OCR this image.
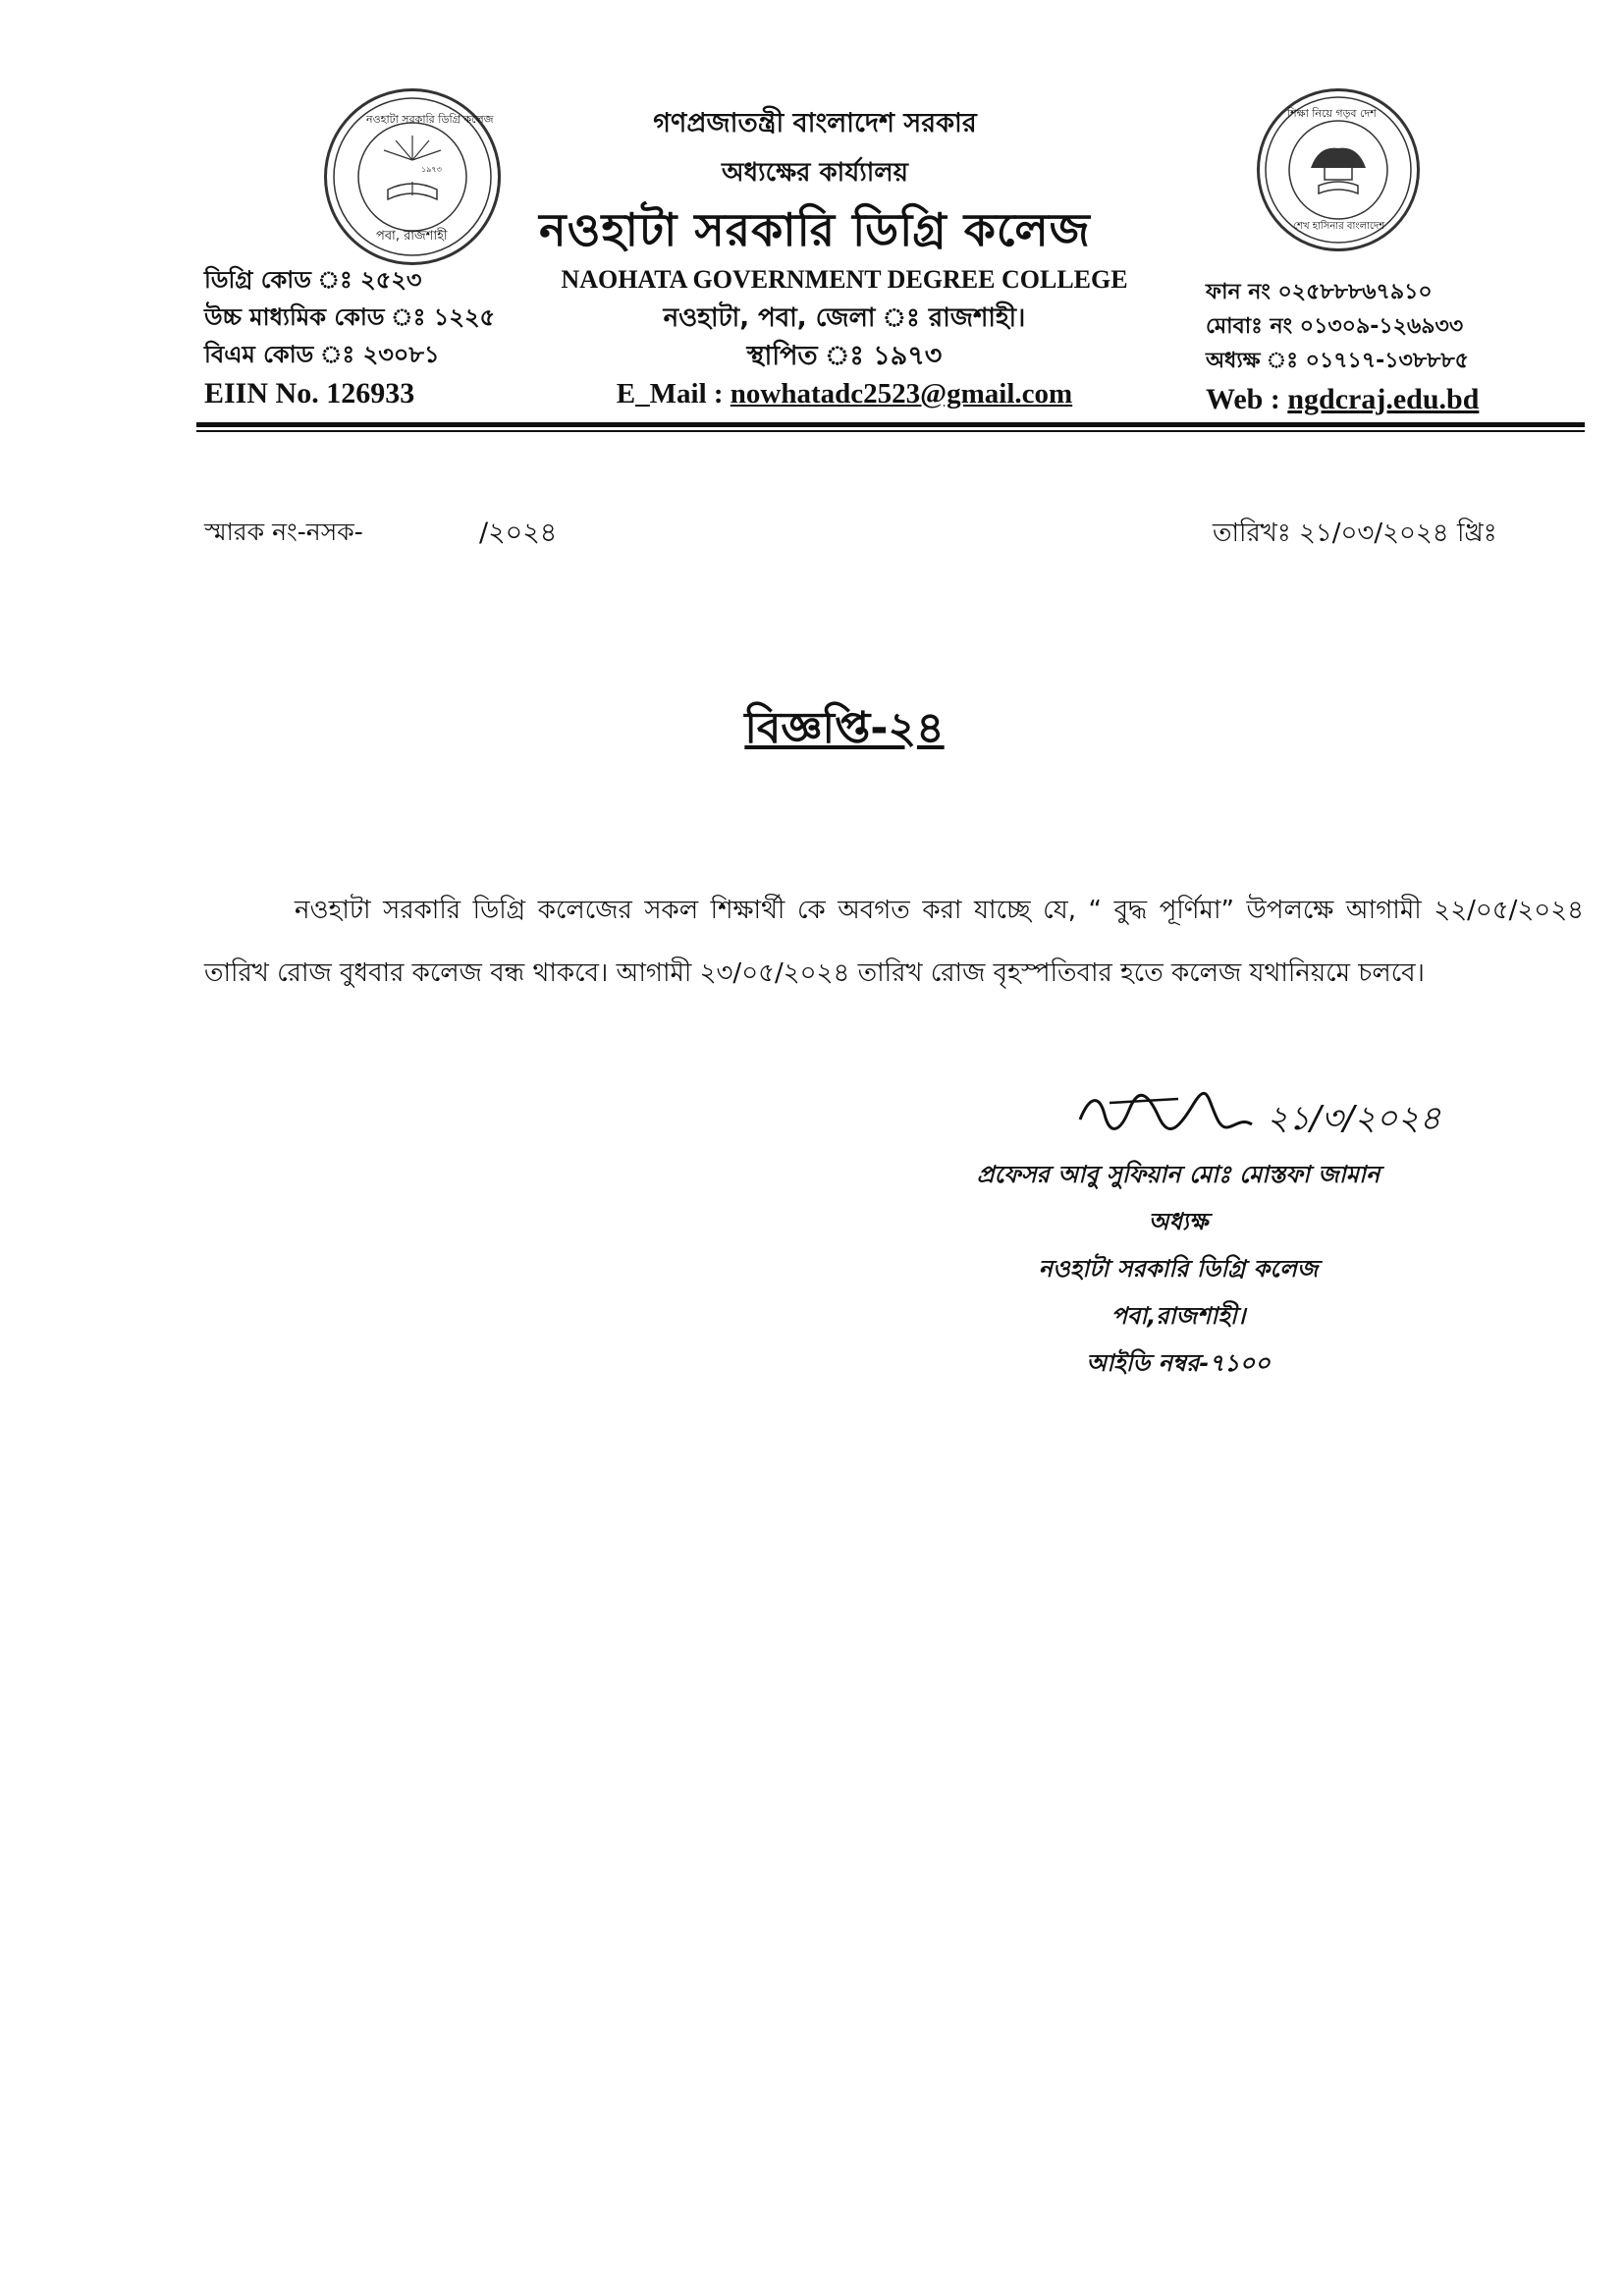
নওহাটা সরকারি ডিগ্রি কলেজ
পবা, রাজশাহী
১৯৭৩
শিক্ষা নিয়ে গড়ব দেশ
শেখ হাসিনার বাংলাদেশ
গণপ্রজাতন্ত্রী বাংলাদেশ সরকার
অধ্যক্ষের কার্য্যালয়
নওহাটা সরকারি ডিগ্রি কলেজ
NAOHATA GOVERNMENT DEGREE COLLEGE
নওহাটা, পবা, জেলা ঃ রাজশাহী।
স্থাপিত ঃ ১৯৭৩
E_Mail : nowhatadc2523@gmail.com
ডিগ্রি কোড ঃ ২৫২৩
উচ্চ মাধ্যমিক কোড ঃ ১২২৫
বিএম কোড ঃ ২৩০৮১
EIIN No. 126933
ফান নং ০২৫৮৮৮৬৭৯১০
মোবাঃ নং ০১৩০৯-১২৬৯৩৩
অধ্যক্ষ ঃ ০১৭১৭-১৩৮৮৮৫
Web : ngdcraj.edu.bd
স্মারক নং-নসক-	/২০২৪	তারিখঃ ২১/০৩/২০২৪ খ্রিঃ
বিজ্ঞপ্তি-২৪
নওহাটা সরকারি ডিগ্রি কলেজের সকল শিক্ষার্থী কে অবগত করা যাচ্ছে যে, “ বুদ্ধ পূর্ণিমা” উপলক্ষে আগামী ২২/০৫/২০২৪ তারিখ রোজ বুধবার কলেজ বন্ধ থাকবে। আগামী ২৩/০৫/২০২৪ তারিখ রোজ বৃহস্পতিবার হতে কলেজ যথানিয়মে চলবে।
২১/৩/২০২৪
প্রফেসর আবু সুফিয়ান মোঃ মোস্তফা জামান
অধ্যক্ষ
নওহাটা সরকারি ডিগ্রি কলেজ
পবা,রাজশাহী।
আইডি নম্বর-৭১০০
